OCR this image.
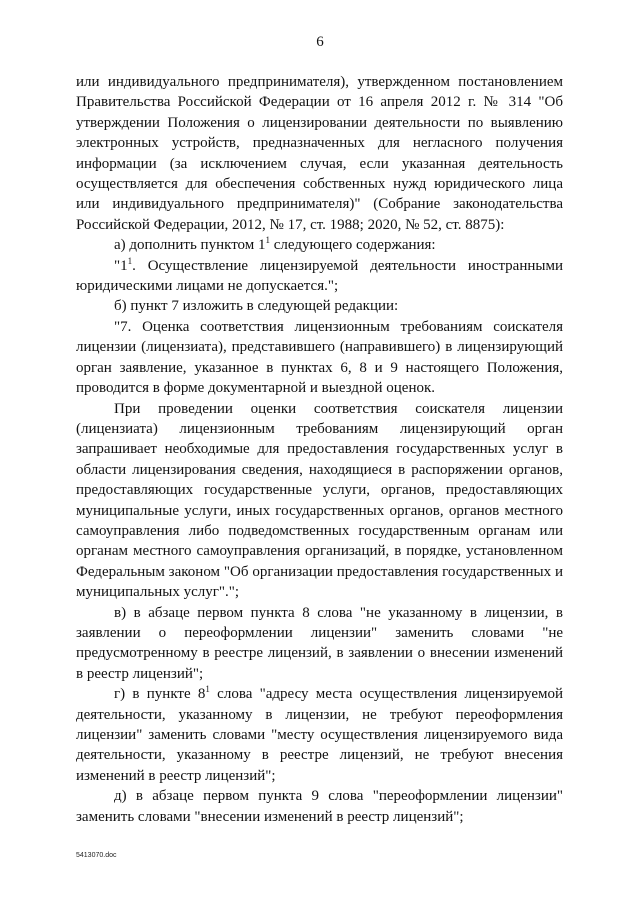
6

или индивидуального предпринимателя), утвержденном постановлением Правительства Российской Федерации от 16 апреля 2012 г. № 314 "Об утверждении Положения о лицензировании деятельности по выявлению электронных устройств, предназначенных для негласного получения информации (за исключением случая, если указанная деятельность осуществляется для обеспечения собственных нужд юридического лица или индивидуального предпринимателя)" (Собрание законодательства Российской Федерации, 2012, № 17, ст. 1988; 2020, № 52, ст. 8875):

а) дополнить пунктом $1^1$ следующего содержания:

"$1^1$. Осуществление лицензируемой деятельности иностранными юридическими лицами не допускается.";

б) пункт 7 изложить в следующей редакции:

"7. Оценка соответствия лицензионным требованиям соискателя лицензии (лицензиата), представившего (направившего) в лицензирующий орган заявление, указанное в пунктах 6, 8 и 9 настоящего Положения, проводится в форме документарной и выездной оценок.

При проведении оценки соответствия соискателя лицензии (лицензиата) лицензионным требованиям лицензирующий орган запрашивает необходимые для предоставления государственных услуг в области лицензирования сведения, находящиеся в распоряжении органов, предоставляющих государственные услуги, органов, предоставляющих муниципальные услуги, иных государственных органов, органов местного самоуправления либо подведомственных государственным органам или органам местного самоуправления организаций, в порядке, установленном Федеральным законом "Об организации предоставления государственных и муниципальных услуг".";

в) в абзаце первом пункта 8 слова "не указанному в лицензии, в заявлении о переоформлении лицензии" заменить словами "не предусмотренному в реестре лицензий, в заявлении о внесении изменений в реестр лицензий";

г) в пункте $8^1$ слова "адресу места осуществления лицензируемой деятельности, указанному в лицензии, не требуют переоформления лицензии" заменить словами "месту осуществления лицензируемого вида деятельности, указанному в реестре лицензий, не требуют внесения изменений в реестр лицензий";

д) в абзаце первом пункта 9 слова "переоформлении лицензии" заменить словами "внесении изменений в реестр лицензий";

5413070.doc
